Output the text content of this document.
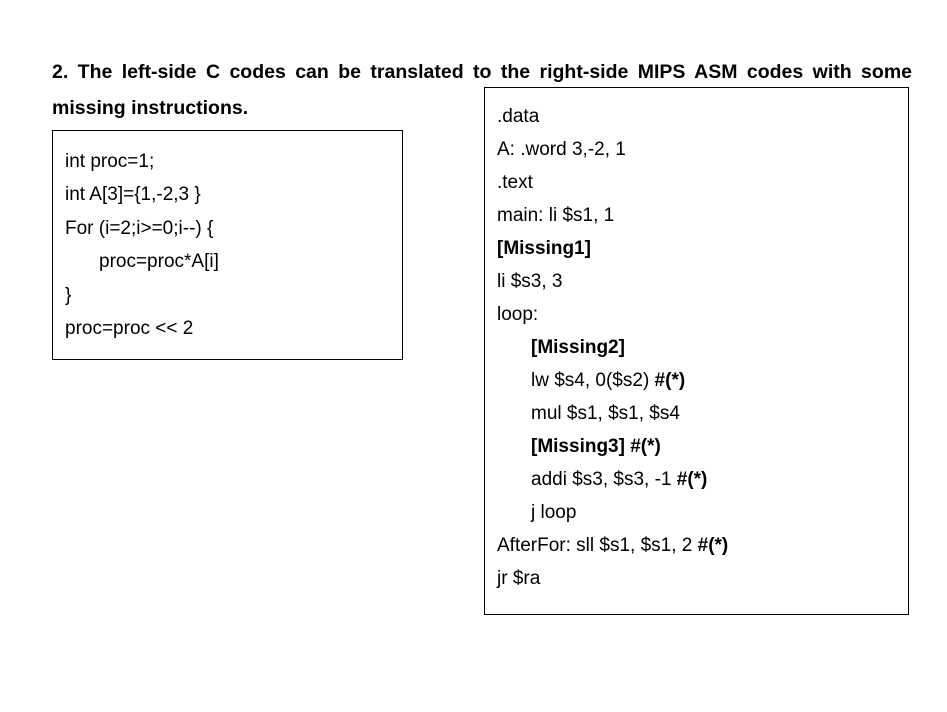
2. The left-side C codes can be translated to the right-side MIPS ASM codes with some missing instructions.

int proc=1;
int A[3]={1,-2,3 }
For (i=2;i>=0;i--) {
proc=proc*A[i]
}
proc=proc << 2
.data
A: .word 3,-2, 1
.text
main: li $s1, 1
[Missing1]
li $s3, 3
loop:
[Missing2]
lw $s4, 0($s2) #(*)
mul $s1, $s1, $s4
[Missing3] #(*)
addi $s3, $s3, -1 #(*)
j loop
AfterFor: sll $s1, $s1, 2 #(*)
jr $ra
